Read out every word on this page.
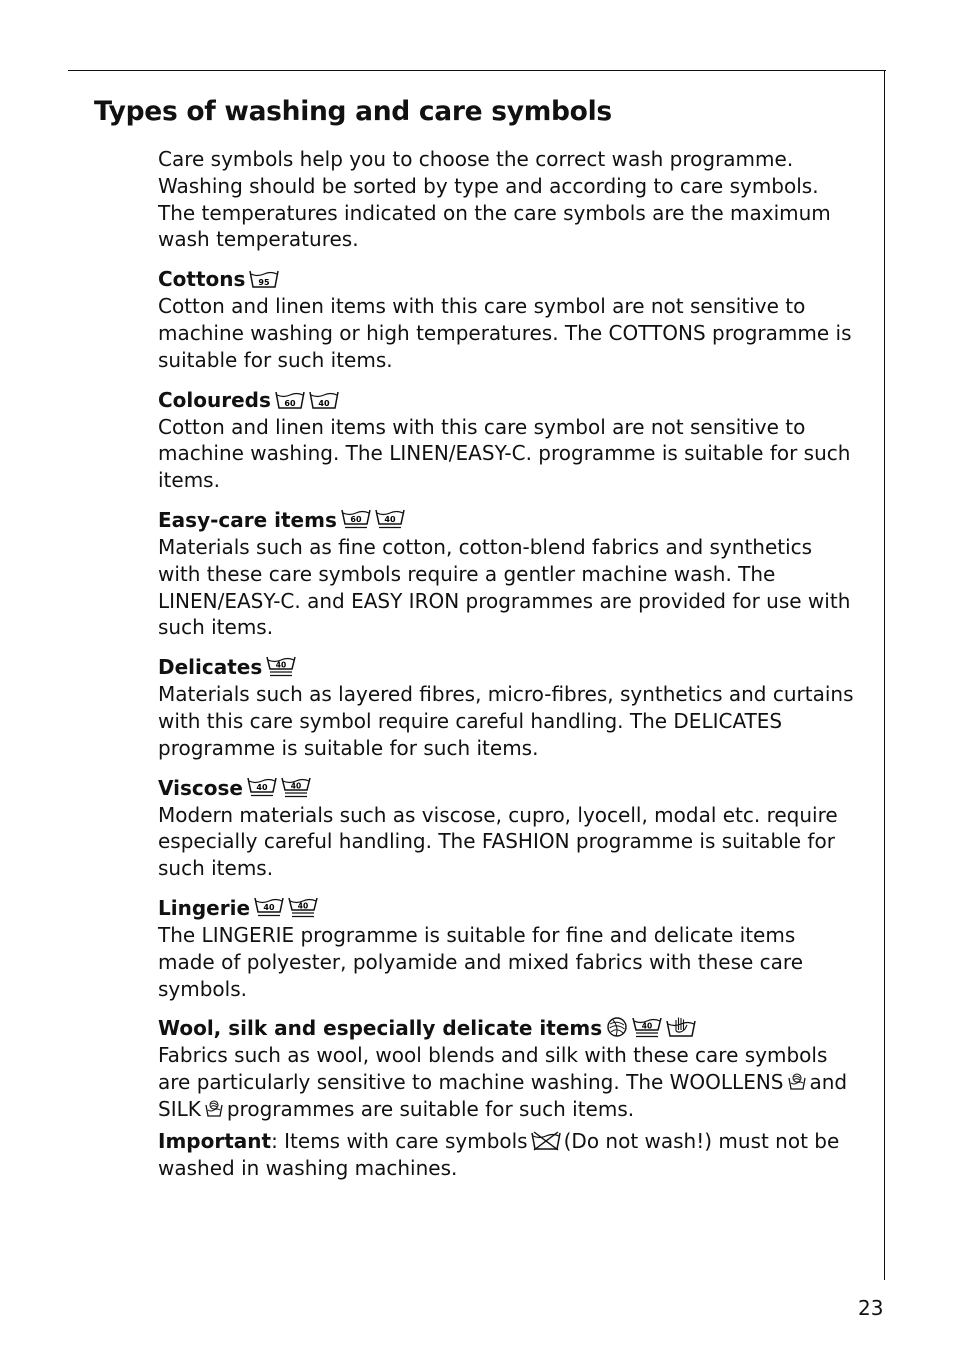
Types of washing and care symbols

Care symbols help you to choose the correct wash programme. Washing should be sorted by type and according to care symbols. The temperatures indicated on the care symbols are the maximum wash temperatures.

Cottons 95

Cotton and linen items with this care symbol are not sensitive to machine washing or high temperatures. The COTTONS programme is suitable for such items.

Coloureds 60	40

Cotton and linen items with this care symbol are not sensitive to machine washing. The LINEN/EASY-C. programme is suitable for such items.

Easy-care items 60	40

Materials such as fine cotton, cotton-blend fabrics and synthetics with these care symbols require a gentler machine wash. The LINEN/EASY-C. and EASY IRON programmes are provided for use with such items.

Delicates 40

Materials such as layered fibres, micro-fibres, synthetics and curtains with this care symbol require careful handling. The DELICATES programme is suitable for such items.

Viscose 40	40

Modern materials such as viscose, cupro, lyocell, modal etc. require especially careful handling. The FASHION programme is suitable for such items.

Lingerie 40	40

The LINGERIE programme is suitable for fine and delicate items made of polyester, polyamide and mixed fabrics with these care symbols.

Wool, silk and especially delicate items	40

Fabrics such as wool, wool blends and silk with these care symbols are particularly sensitive to machine washing. The WOOLLENS and SILK programmes are suitable for such items.

Important: Items with care symbols (Do not wash!) must not be washed in washing machines.

23
